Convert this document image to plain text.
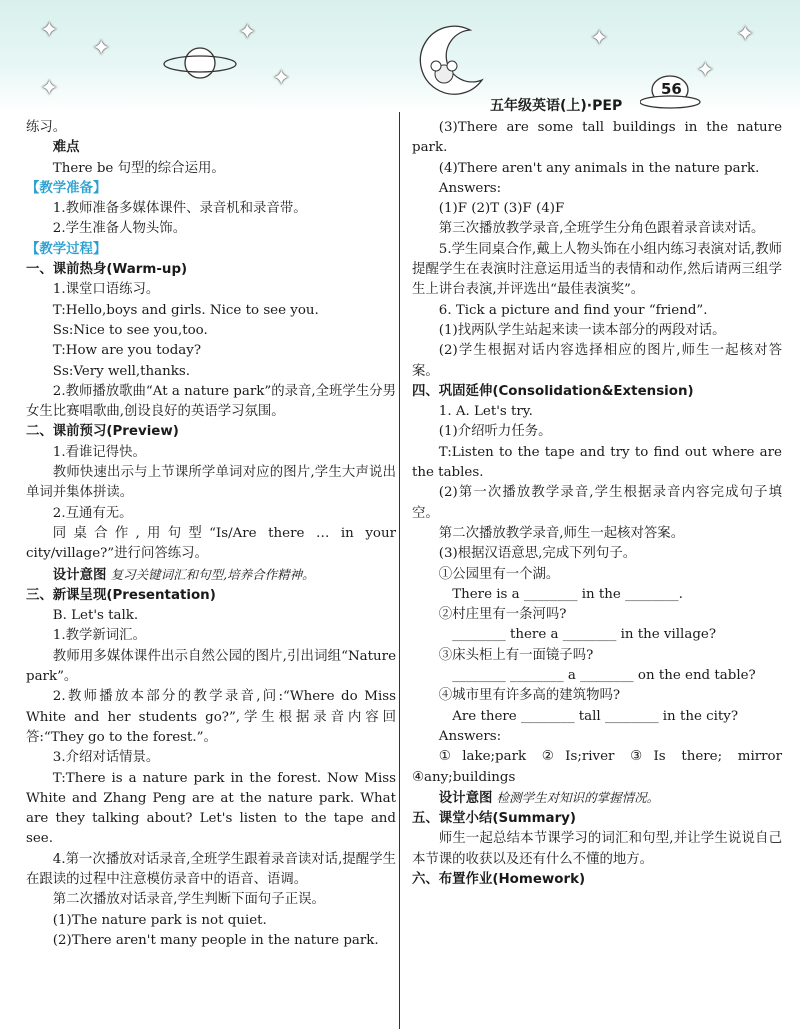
✦
✦
✦
✦
✦
✦	✦
✦
五年级英语(上)·PEP
56

练习。

难点

There be 句型的综合运用。

【教学准备】

1.教师准备多媒体课件、录音机和录音带。

2.学生准备人物头饰。

【教学过程】

一、课前热身(Warm-up)

1.课堂口语练习。

T:Hello,boys and girls. Nice to see you.

Ss:Nice to see you,too.

T:How are you today?

Ss:Very well,thanks.

2.教师播放歌曲“At a nature park”的录音,全班学生分男女生比赛唱歌曲,创设良好的英语学习氛围。

二、课前预习(Preview)

1.看谁记得快。

教师快速出示与上节课所学单词对应的图片,学生大声说出单词并集体拼读。

2.互通有无。

同桌合作,用句型“Is/Are there … in your city/village?”进行问答练习。

设计意图 复习关键词汇和句型,培养合作精神。

三、新课呈现(Presentation)

B. Let's talk.

1.教学新词汇。

教师用多媒体课件出示自然公园的图片,引出词组“Nature park”。

2.教师播放本部分的教学录音,问:“Where do Miss White and her students go?”,学生根据录音内容回答:“They go to the forest.”。

3.介绍对话情景。

T:There is a nature park in the forest. Now Miss White and Zhang Peng are at the nature park. What are they talking about? Let's listen to the tape and see.

4.第一次播放对话录音,全班学生跟着录音读对话,提醒学生在跟读的过程中注意模仿录音中的语音、语调。

第二次播放对话录音,学生判断下面句子正误。

(1)The nature park is not quiet.

(2)There aren't many people in the nature park.

(3)There are some tall buildings in the nature park.

(4)There aren't any animals in the nature park.

Answers:

(1)F (2)T (3)F (4)F

第三次播放教学录音,全班学生分角色跟着录音读对话。

5.学生同桌合作,戴上人物头饰在小组内练习表演对话,教师提醒学生在表演时注意运用适当的表情和动作,然后请两三组学生上讲台表演,并评选出“最佳表演奖”。

6. Tick a picture and find your “friend”.

(1)找两队学生站起来读一读本部分的两段对话。

(2)学生根据对话内容选择相应的图片,师生一起核对答案。

四、巩固延伸(Consolidation&Extension)

1. A. Let's try.

(1)介绍听力任务。

T:Listen to the tape and try to find out where are the tables.

(2)第一次播放教学录音,学生根据录音内容完成句子填空。

第二次播放教学录音,师生一起核对答案。

(3)根据汉语意思,完成下列句子。

①公园里有一个湖。

There is a ________ in the ________.

②村庄里有一条河吗?

________ there a ________ in the village?

③床头柜上有一面镜子吗?

________ ________ a ________ on the end table?

④城市里有许多高的建筑物吗?

Are there ________ tall ________ in the city?

Answers:

①lake;park ②Is;river ③Is there; mirror ④any;buildings

设计意图 检测学生对知识的掌握情况。

五、课堂小结(Summary)

师生一起总结本节课学习的词汇和句型,并让学生说说自己本节课的收获以及还有什么不懂的地方。

六、布置作业(Homework)
